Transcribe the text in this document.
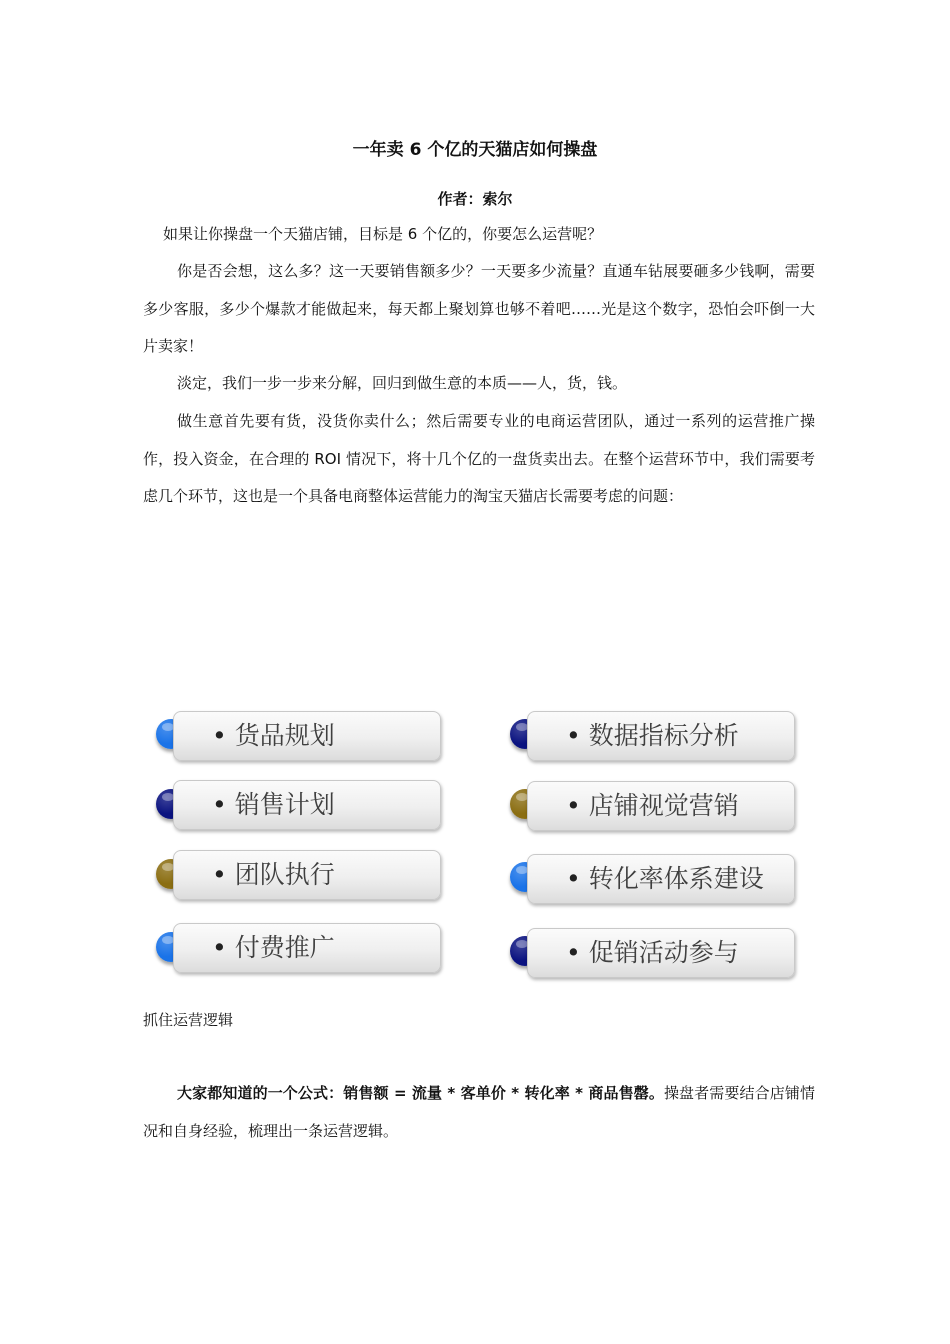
一年卖 6 个亿的天猫店如何操盘
作者：索尔

如果让你操盘一个天猫店铺，目标是 6 个亿的，你要怎么运营呢？

你是否会想，这么多？这一天要销售额多少？一天要多少流量？直通车钻展要砸多少钱啊，需要多少客服，多少个爆款才能做起来，每天都上聚划算也够不着吧……光是这个数字，恐怕会吓倒一大片卖家！

淡定，我们一步一步来分解，回归到做生意的本质——人，货，钱。

做生意首先要有货，没货你卖什么；然后需要专业的电商运营团队，通过一系列的运营推广操作，投入资金，在合理的 ROI 情况下，将十几个亿的一盘货卖出去。在整个运营环节中，我们需要考虑几个环节，这也是一个具备电商整体运营能力的淘宝天猫店长需要考虑的问题：

• 货品规划
• 销售计划
• 团队执行
• 付费推广
• 数据指标分析
• 店铺视觉营销
• 转化率体系建设
• 促销活动参与
抓住运营逻辑

大家都知道的一个公式：销售额 = 流量 * 客单价 * 转化率 * 商品售罄。操盘者需要结合店铺情况和自身经验，梳理出一条运营逻辑。
